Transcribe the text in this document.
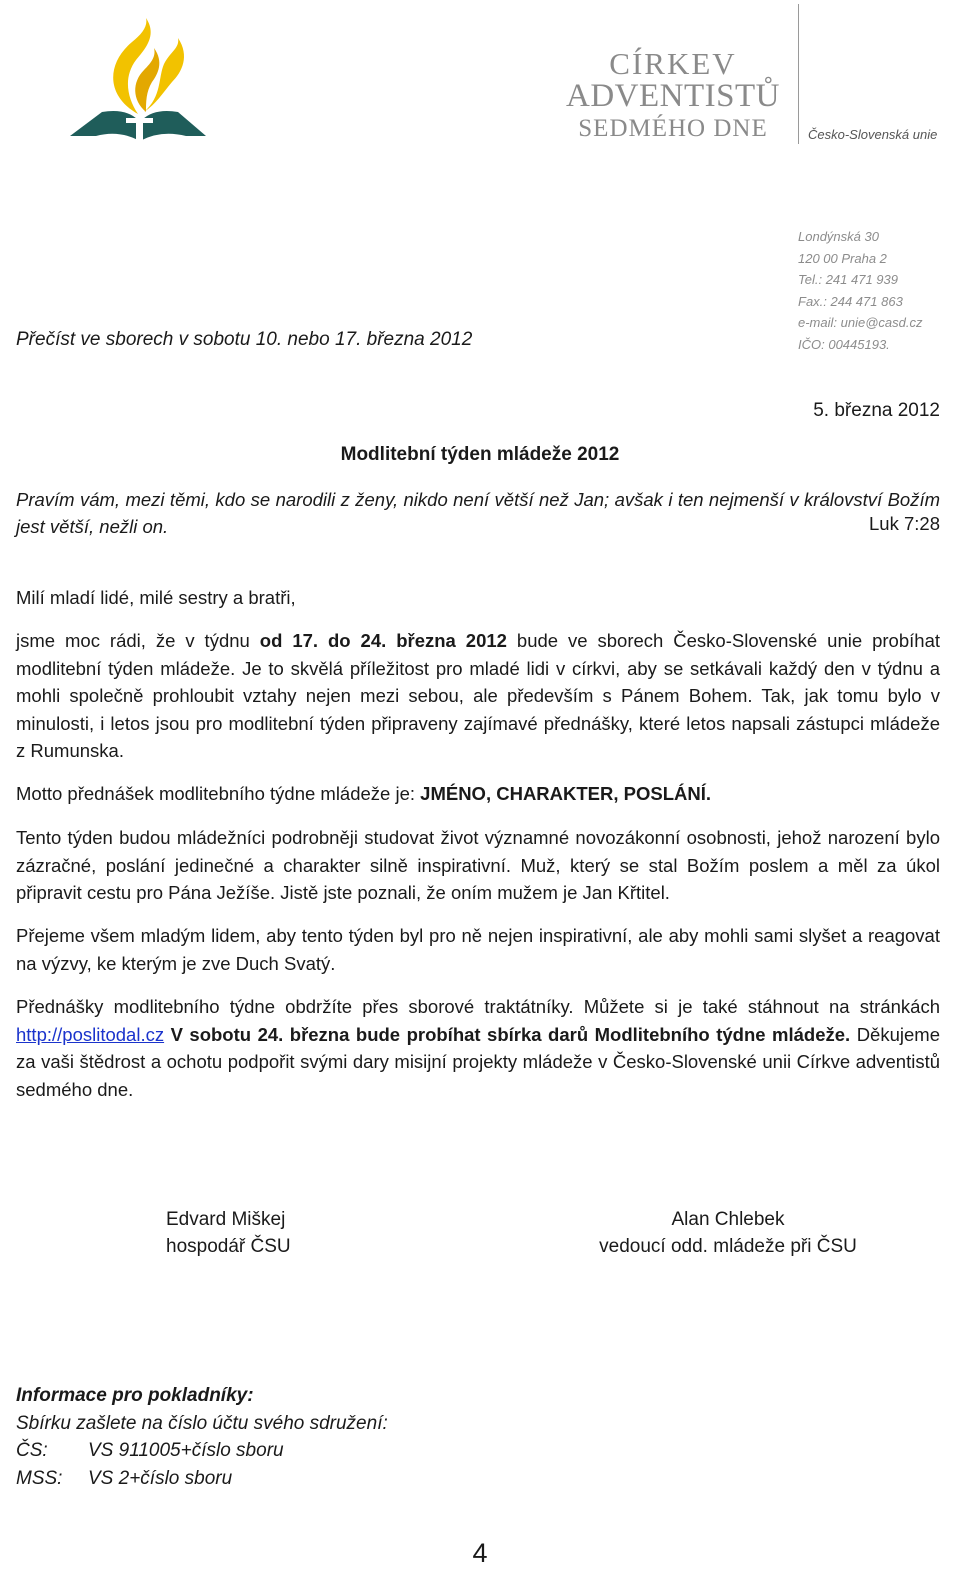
CÍRKEV
ADVENTISTŮ
SEDMÉHO DNE	Česko-Slovenská unie
Londýnská 30
120 00 Praha 2
Tel.: 241 471 939
Fax.: 244 471 863
e-mail: unie@casd.cz
IČO: 00445193.
Přečíst ve sborech v sobotu 10. nebo 17. března 2012
5. března 2012
Modlitební týden mládeže 2012
Pravím vám, mezi těmi, kdo se narodili z ženy, nikdo není větší než Jan; avšak i ten nejmenší v království Božím jest větší, nežli on.	Luk 7:28
Milí mladí lidé, milé sestry a bratři,

jsme moc rádi, že v týdnu od 17. do 24. března 2012 bude ve sborech Česko-Slovenské unie probíhat modlitební týden mládeže. Je to skvělá příležitost pro mladé lidi v církvi, aby se setkávali každý den v týdnu a mohli společně prohloubit vztahy nejen mezi sebou, ale především s Pánem Bohem. Tak, jak tomu bylo v minulosti, i letos jsou pro modlitební týden připraveny zajímavé přednášky, které letos napsali zástupci mládeže z Rumunska.

Motto přednášek modlitebního týdne mládeže je: JMÉNO, CHARAKTER, POSLÁNÍ.

Tento týden budou mládežníci podrobněji studovat život významné novozákonní osobnosti, jehož narození bylo zázračné, poslání jedinečné a charakter silně inspirativní. Muž, který se stal Božím poslem a měl za úkol připravit cestu pro Pána Ježíše. Jistě jste poznali, že oním mužem je Jan Křtitel.
Přejeme všem mladým lidem, aby tento týden byl pro ně nejen inspirativní, ale aby mohli sami slyšet a reagovat na výzvy, ke kterým je zve Duch Svatý.

Přednášky modlitebního týdne obdržíte přes sborové traktátníky. Můžete si je také stáhnout na stránkách http://poslitodal.cz V sobotu 24. března bude probíhat sbírka darů Modlitebního týdne mládeže. Děkujeme za vaši štědrost a ochotu podpořit svými dary misijní projekty mládeže v Česko-Slovenské unii Církve adventistů sedmého dne.

Edvard Miškej
hospodář ČSU
Alan Chlebek
vedoucí odd. mládeže při ČSU
Informace pro pokladníky:
Sbírku zašlete na číslo účtu svého sdružení:
ČS:	VS 911005+číslo sboru
MSS:	VS 2+číslo sboru
4
